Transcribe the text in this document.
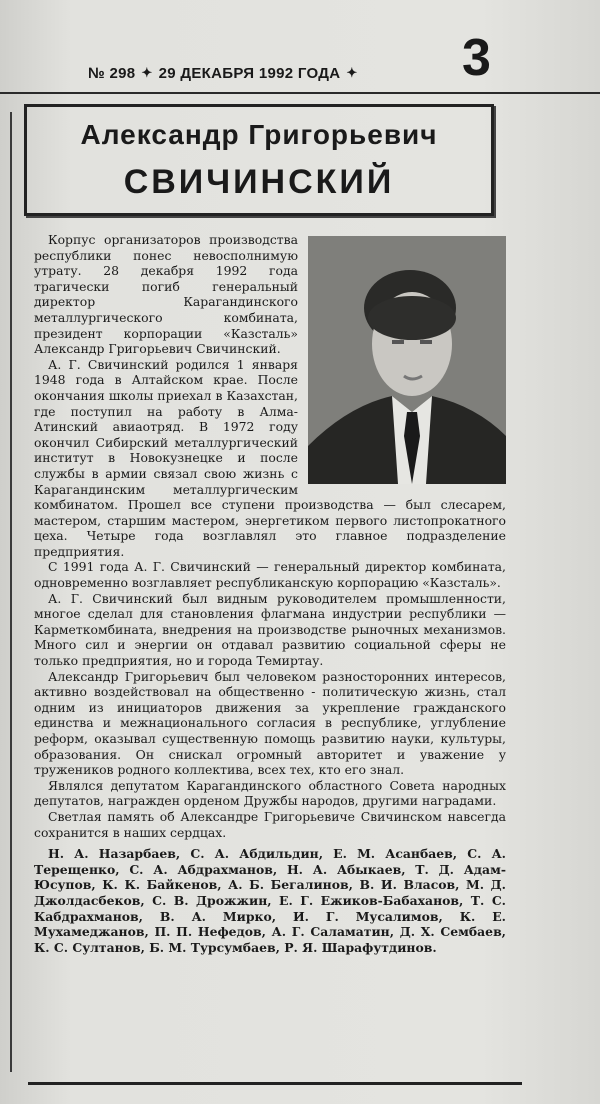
№ 298 ✦ 29 ДЕКАБРЯ 1992 ГОДА ✦ 3
Александр Григорьевич
СВИЧИНСКИЙ

Корпус организаторов производства республики понес невосполнимую утрату. 28 декабря 1992 года трагически погиб генеральный директор Карагандинского металлургического комбината, президент корпорации «Казсталь» Александр Григорьевич Свичинский.

А. Г. Свичинский родился 1 января 1948 года в Алтайском крае. После окончания школы приехал в Казахстан, где поступил на работу в Алма-Атинский авиаотряд. В 1972 году окончил Сибирский металлургический институт в Новокузнецке и после службы в армии связал свою жизнь с Карагандинским металлургическим комбинатом. Прошел все ступени производства — был слесарем, мастером, старшим мастером, энергетиком первого листопрокатного цеха. Четыре года возглавлял это главное подразделение предприятия.

С 1991 года А. Г. Свичинский — генеральный директор комбината, одновременно возглавляет республиканскую корпорацию «Казсталь».

А. Г. Свичинский был видным руководителем промышленности, многое сделал для становления флагмана индустрии республики — Карметкомбината, внедрения на производстве рыночных механизмов. Много сил и энергии он отдавал развитию социальной сферы не только предприятия, но и города Темиртау.

Александр Григорьевич был человеком разносторонних интересов, активно воздействовал на общественно - политическую жизнь, стал одним из инициаторов движения за укрепление гражданского единства и межнационального согласия в республике, углубление реформ, оказывал существенную помощь развитию науки, культуры, образования. Он снискал огромный авторитет и уважение у тружеников родного коллектива, всех тех, кто его знал.

Являлся депутатом Карагандинского областного Совета народных депутатов, награжден орденом Дружбы народов, другими наградами.

Светлая память об Александре Григорьевиче Свичинском навсегда сохранится в наших сердцах.

Н. А. Назарбаев, С. А. Абдильдин, Е. М. Асанбаев, С. А. Терещенко, С. А. Абдрахманов, Н. А. Абыкаев, Т. Д. Адам-Юсупов, К. К. Байкенов, А. Б. Бегалинов, В. И. Власов, М. Д. Джолдасбеков, С. В. Дрожжин, Е. Г. Ежиков-Бабаханов, Т. С. Кабдрахманов, В. А. Мирко, И. Г. Мусалимов, К. Е. Мухамеджанов, П. П. Нефедов, А. Г. Саламатин, Д. Х. Сембаев, К. С. Султанов, Б. М. Турсумбаев, Р. Я. Шарафутдинов.
